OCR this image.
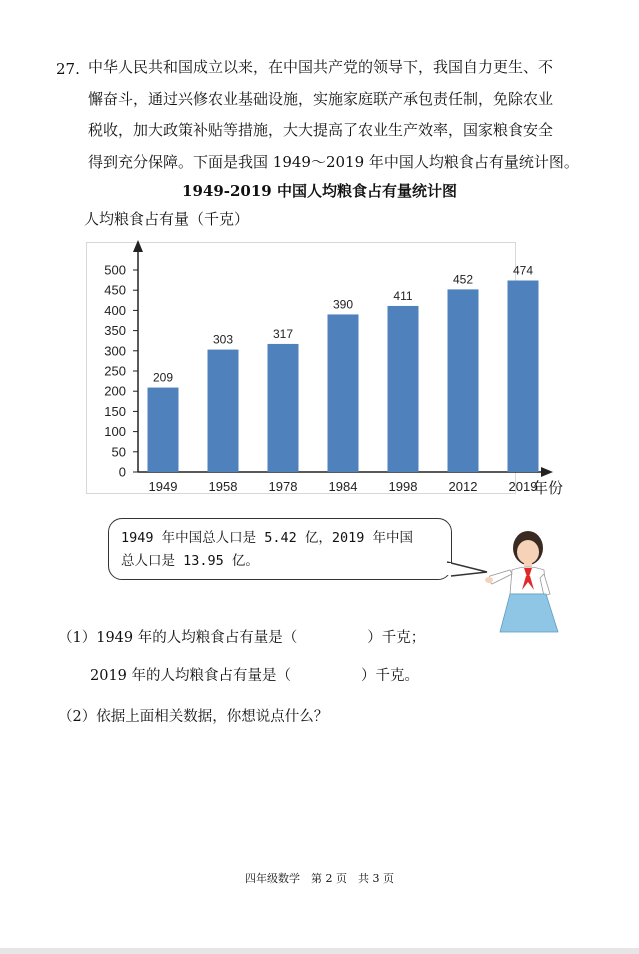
27. 中华人民共和国成立以来，在中国共产党的领导下，我国自力更生、不
懈奋斗，通过兴修农业基础设施，实施家庭联产承包责任制，免除农业
税收，加大政策补贴等措施，大大提高了农业生产效率，国家粮食安全
得到充分保障。下面是我国 1949～2019 年中国人均粮食占有量统计图。
1949-2019 中国人均粮食占有量统计图
人均粮食占有量（千克）
0
50
100
150
200
250
300
350
400
450
500
209
1949
303
1958
317
1978
390
1984
411
1998
452
2012
474
2019
年份
1949 年中国总人口是 5.42 亿，2019 年中国
总人口是 13.95 亿。
（1）1949 年的人均粮食占有量是（	）千克；
2019 年的人均粮食占有量是（	）千克。
（2）依据上面相关数据，你想说点什么？
四年级数学　第 2 页　共 3 页
